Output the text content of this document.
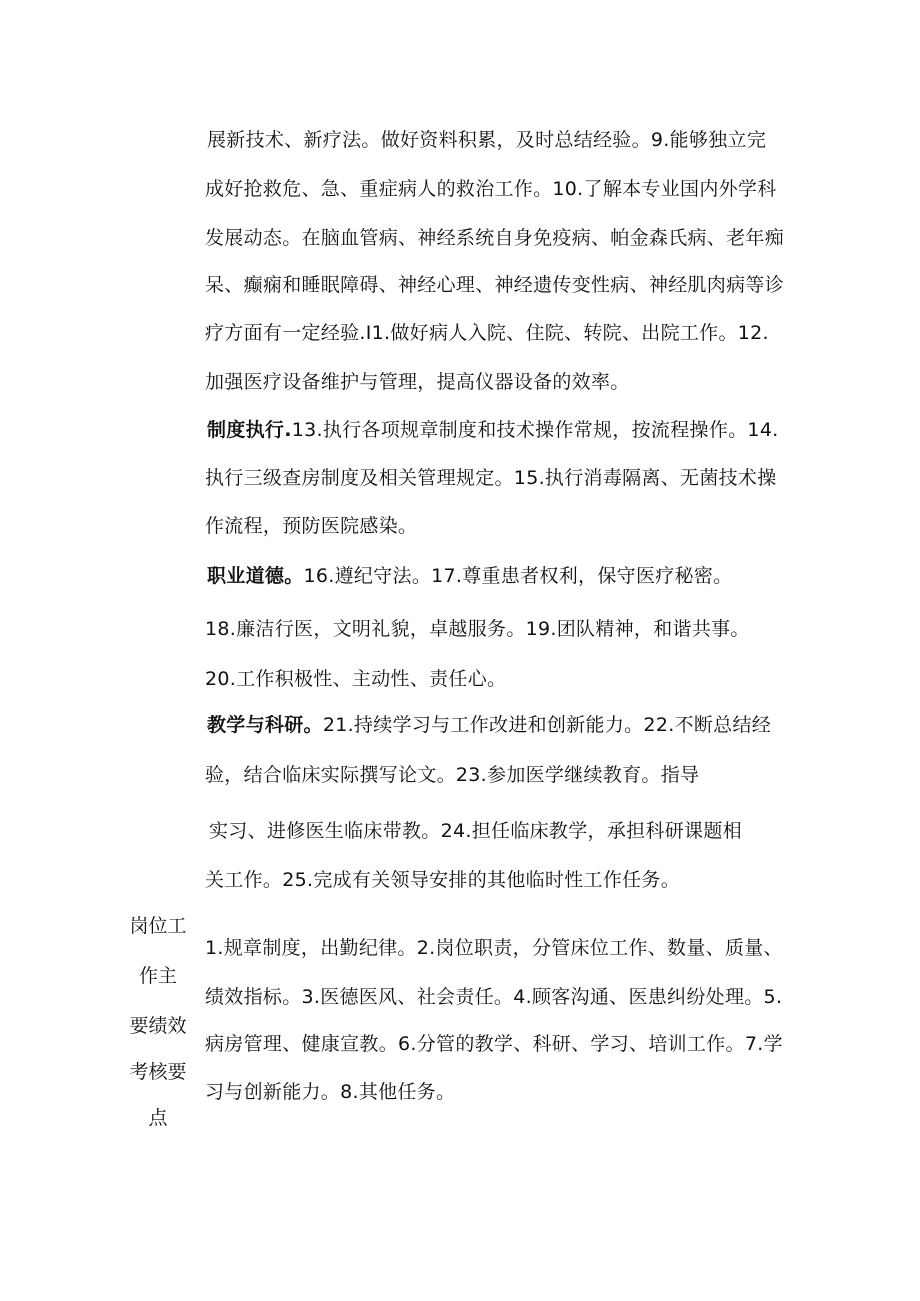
展新技术、新疗法。做好资料积累，及时总结经验。9.能够独立完
成好抢救危、急、重症病人的救治工作。10.了解本专业国内外学科
发展动态。在脑血管病、神经系统自身免疫病、帕金森氏病、老年痴
呆、癫痫和睡眠障碍、神经心理、神经遗传变性病、神经肌肉病等诊
疗方面有一定经验.I1.做好病人入院、住院、转院、出院工作。12.
加强医疗设备维护与管理，提高仪器设备的效率。
制度执行.13.执行各项规章制度和技术操作常规，按流程操作。14.
执行三级查房制度及相关管理规定。15.执行消毒隔离、无菌技术操
作流程，预防医院感染。
职业道德。16.遵纪守法。17.尊重患者权利，保守医疗秘密。
18.廉洁行医，文明礼貌，卓越服务。19.团队精神，和谐共事。
20.工作积极性、主动性、责任心。
教学与科研。21.持续学习与工作改进和创新能力。22.不断总结经
验，结合临床实际撰写论文。23.参加医学继续教育。指导
实习、进修医生临床带教。24.担任临床教学，承担科研课题相
关工作。25.完成有关领导安排的其他临时性工作任务。
岗位工
作主
要绩效
考核要
点
1.规章制度，出勤纪律。2.岗位职责，分管床位工作、数量、质量、
绩效指标。3.医德医风、社会责任。4.顾客沟通、医患纠纷处理。5.
病房管理、健康宣教。6.分管的教学、科研、学习、培训工作。7.学
习与创新能力。8.其他任务。
